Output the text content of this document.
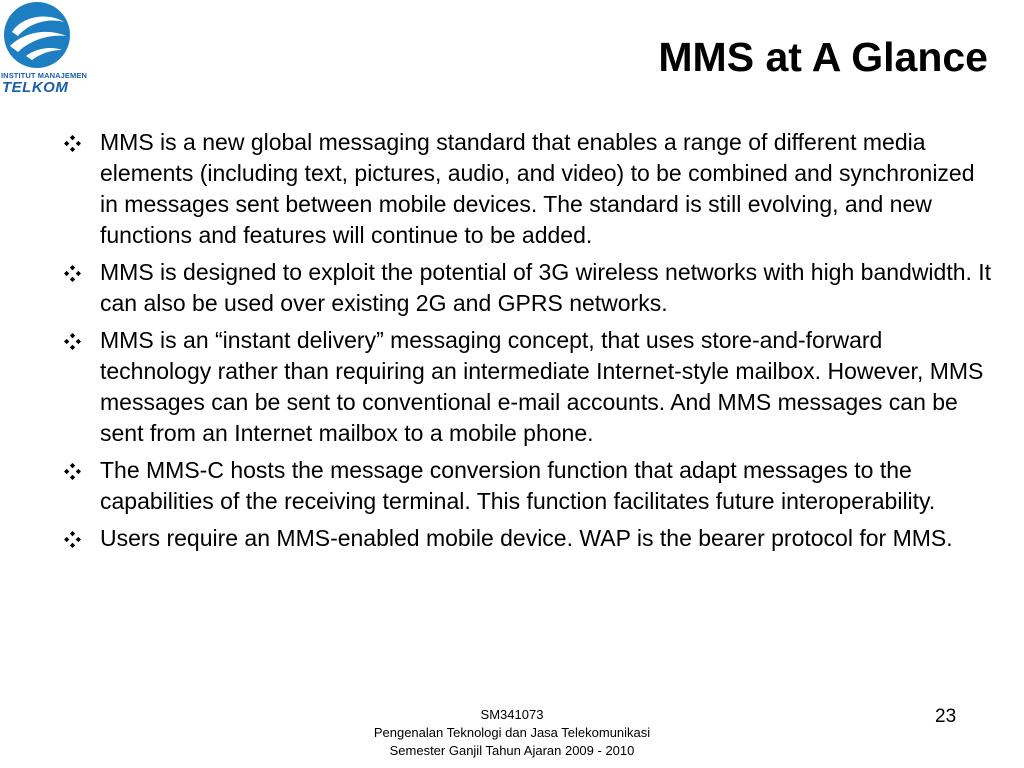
INSTITUT MANAJEMEN
TELKOM
MMS at A Glance
MMS is a new global messaging standard that enables a range of different media elements (including text, pictures, audio, and video) to be combined and synchronized in messages sent between mobile devices. The standard is still evolving, and new functions and features will continue to be added.
MMS is designed to exploit the potential of 3G wireless networks with high bandwidth. It can also be used over existing 2G and GPRS networks.
MMS is an “instant delivery” messaging concept, that uses store-and-forward technology rather than requiring an intermediate Internet-style mailbox. However, MMS messages can be sent to conventional e-mail accounts. And MMS messages can be sent from an Internet mailbox to a mobile phone.
The MMS-C hosts the message conversion function that adapt messages to the capabilities of the receiving terminal. This function facilitates future interoperability.
Users require an MMS-enabled mobile device. WAP is the bearer protocol for MMS.
SM341073
Pengenalan Teknologi dan Jasa Telekomunikasi
Semester Ganjil Tahun Ajaran 2009 - 2010
23
